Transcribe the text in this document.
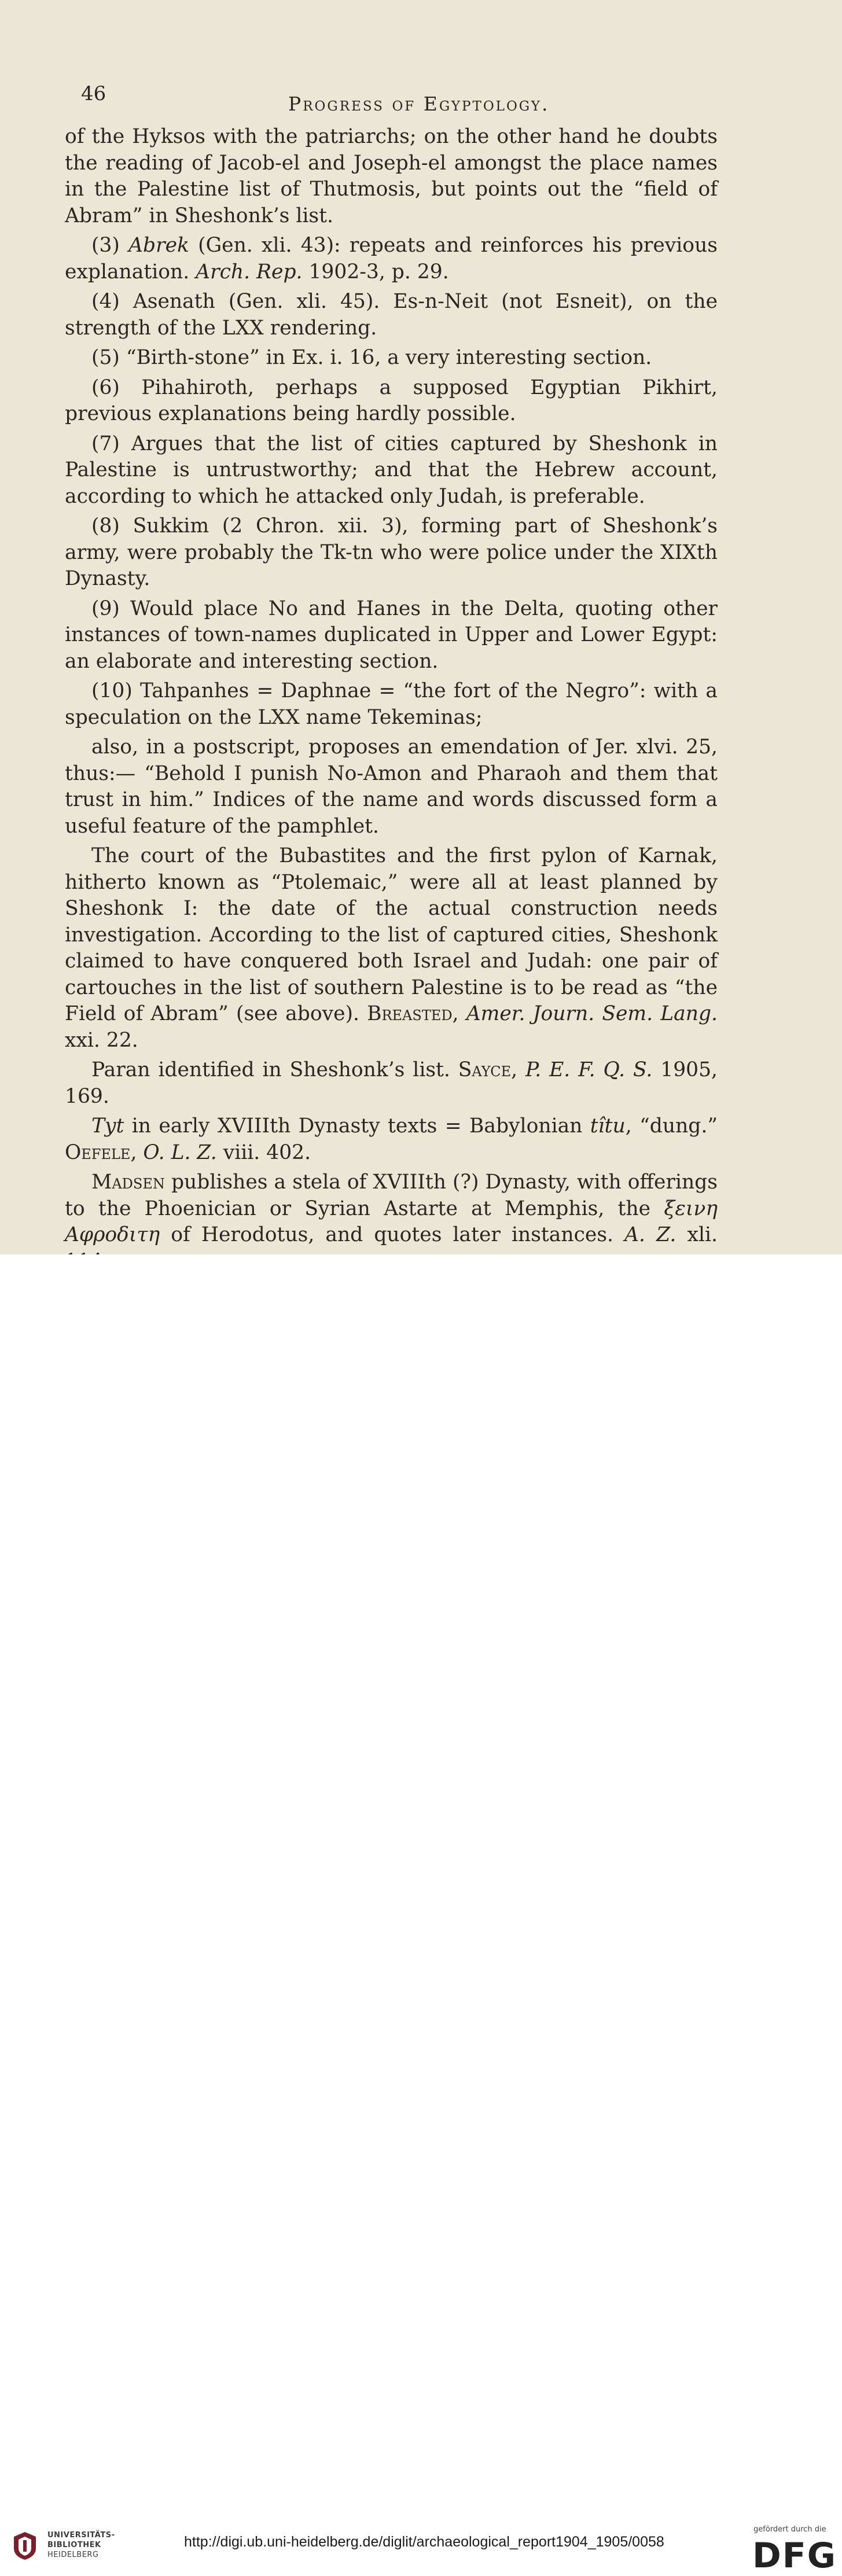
46	Progress of Egyptology.

of the Hyksos with the patriarchs; on the other hand he doubts the reading of Jacob-el and Joseph-el amongst the place names in the Palestine list of Thutmosis, but points out the “field of Abram” in Sheshonk’s list.

(3) Abrek (Gen. xli. 43): repeats and reinforces his previous explanation. Arch. Rep. 1902-3, p. 29.

(4) Asenath (Gen. xli. 45). Es-n-Neit (not Esneit), on the strength of the LXX rendering.

(5) “Birth-stone” in Ex. i. 16, a very interesting section.

(6) Pihahiroth, perhaps a supposed Egyptian Pikhirt, previous explanations being hardly possible.

(7) Argues that the list of cities captured by Sheshonk in Palestine is untrustworthy; and that the Hebrew account, according to which he attacked only Judah, is preferable.

(8) Sukkim (2 Chron. xii. 3), forming part of Sheshonk’s army, were probably the Tk-tn who were police under the XIXth Dynasty.

(9) Would place No and Hanes in the Delta, quoting other instances of town-names duplicated in Upper and Lower Egypt: an elaborate and interesting section.

(10) Tahpanhes = Daphnae = “the fort of the Negro”: with a speculation on the LXX name Tekeminas;

also, in a postscript, proposes an emendation of Jer. xlvi. 25, thus:— “Behold I punish No-Amon and Pharaoh and them that trust in him.” Indices of the name and words discussed form a useful feature of the pamphlet.

The court of the Bubastites and the first pylon of Karnak, hitherto known as “Ptolemaic,” were all at least planned by Sheshonk I: the date of the actual construction needs investigation. According to the list of captured cities, Sheshonk claimed to have conquered both Israel and Judah: one pair of cartouches in the list of southern Palestine is to be read as “the Field of Abram” (see above). Breasted, Amer. Journ. Sem. Lang. xxi. 22.

Paran identified in Sheshonk’s list. Sayce, P. E. F. Q. S. 1905, 169.

Tyt in early XVIIIth Dynasty texts = Babylonian tîtu, “dung.” Oefele, O. L. Z. viii. 402.

Madsen publishes a stela of XVIIIth (?) Dynasty, with offerings to the Phoenician or Syrian Astarte at Memphis, the ξεινη Αφροδιτη of Herodotus, and quotes later instances. A. Z. xli.

UNIVERSITÄTS-
BIBLIOTHEK
HEIDELBERG
http://digi.ub.uni-heidelberg.de/diglit/archaeological_report1904_1905/0058
gefördert durch die
DFG
